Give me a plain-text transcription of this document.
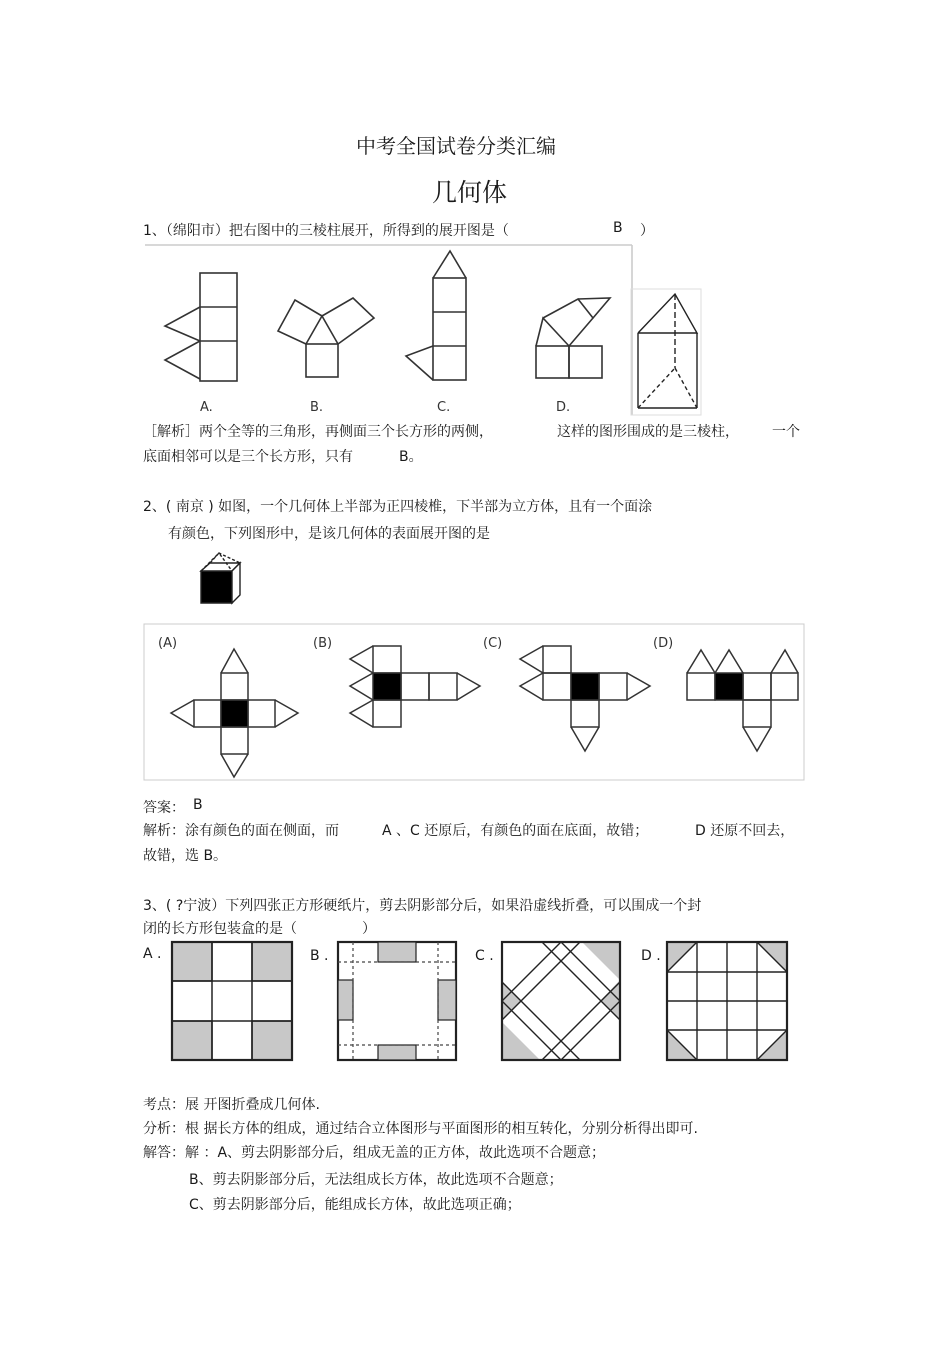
中考全国试卷分类汇编
几何体
1、（绵阳市）把右图中的三棱柱展开，所得到的展开图是（	B ）
A.	B.	C.	D.
［解析］两个全等的三角形，再侧面三个长方形的两侧，	这样的图形围成的是三棱柱， 一个
底面相邻可以是三个长方形，只有	B。
2、( 南京 ) 如图，一个几何体上半部为正四棱椎，下半部为立方体，且有一个面涂
有颜色，下列图形中，是该几何体的表面展开图的是
(A)	(B)	(C)	(D)
答案： B
解析：涂有颜色的面在侧面，而	A 、C 还原后，有颜色的面在底面，故错；	D 还原不回去，
故错，选 B。
3、( ?宁波）下列四张正方形硬纸片，剪去阴影部分后，如果沿虚线折叠，可以围成一个封
闭的长方形包装盒的是（	）
A .	B .	C .	D .
考点：展 开图折叠成几何体.
分析：根 据长方体的组成，通过结合立体图形与平面图形的相互转化，分别分析得出即可.
解答：解 ：A、剪去阴影部分后，组成无盖的正方体，故此选项不合题意；
B、剪去阴影部分后，无法组成长方体，故此选项不合题意；
C、剪去阴影部分后，能组成长方体，故此选项正确；
